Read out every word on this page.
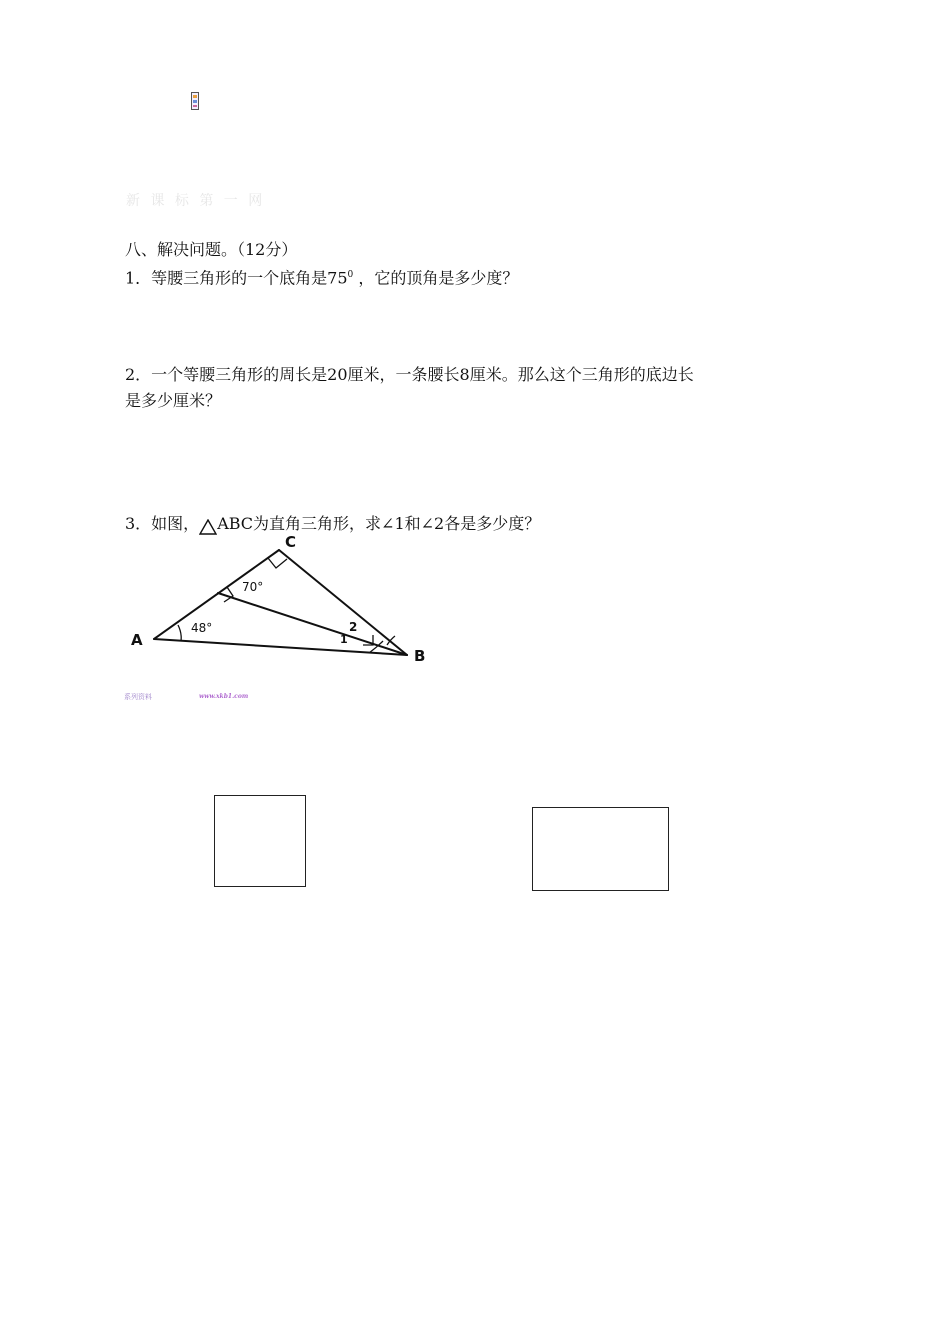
新 课 标 第 一 网
八、解决问题。（12分）
1．等腰三角形的一个底角是$75^0$ ，它的顶角是多少度？
2．一个等腰三角形的周长是20厘米，一条腰长8厘米。那么这个三角形的底边长
是多少厘米？
3．如图， ABC为直角三角形，求∠1和∠2各是多少度？
C
A
B
70°
48°	2
1
系列资料	www.xkb1.com
